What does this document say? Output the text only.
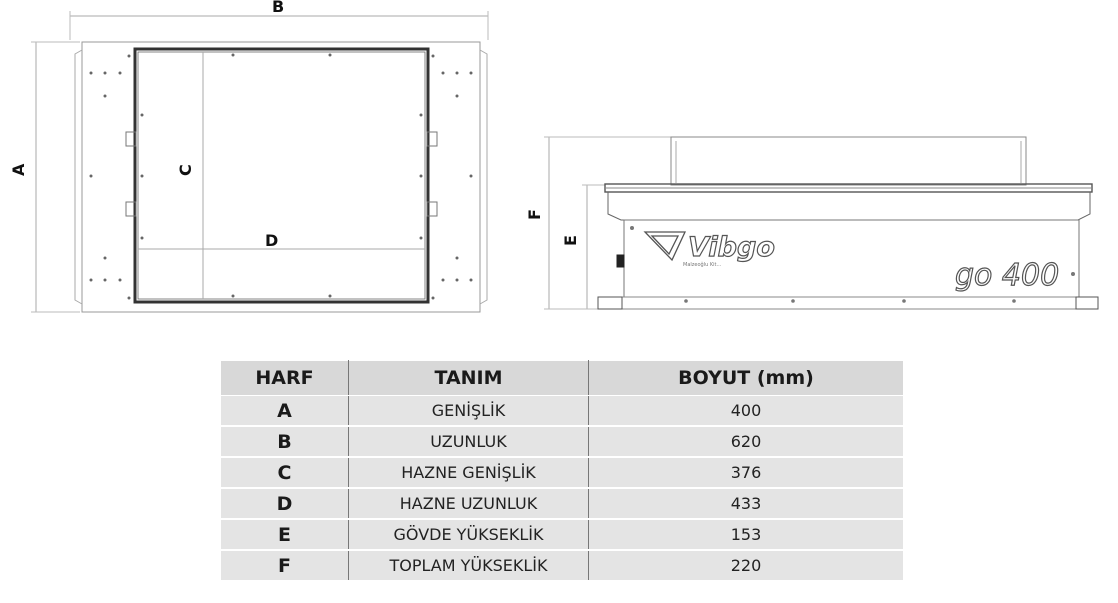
Vibgo
Malzeoğlu Kit...	go 400
B
A	C
D
F
E
HARF	TANIM	BOYUT (mm)
A	GENİŞLİK	400
B	UZUNLUK	620
C	HAZNE GENİŞLİK	376
D	HAZNE UZUNLUK	433
E	GÖVDE YÜKSEKLİK	153
F	TOPLAM YÜKSEKLİK	220
